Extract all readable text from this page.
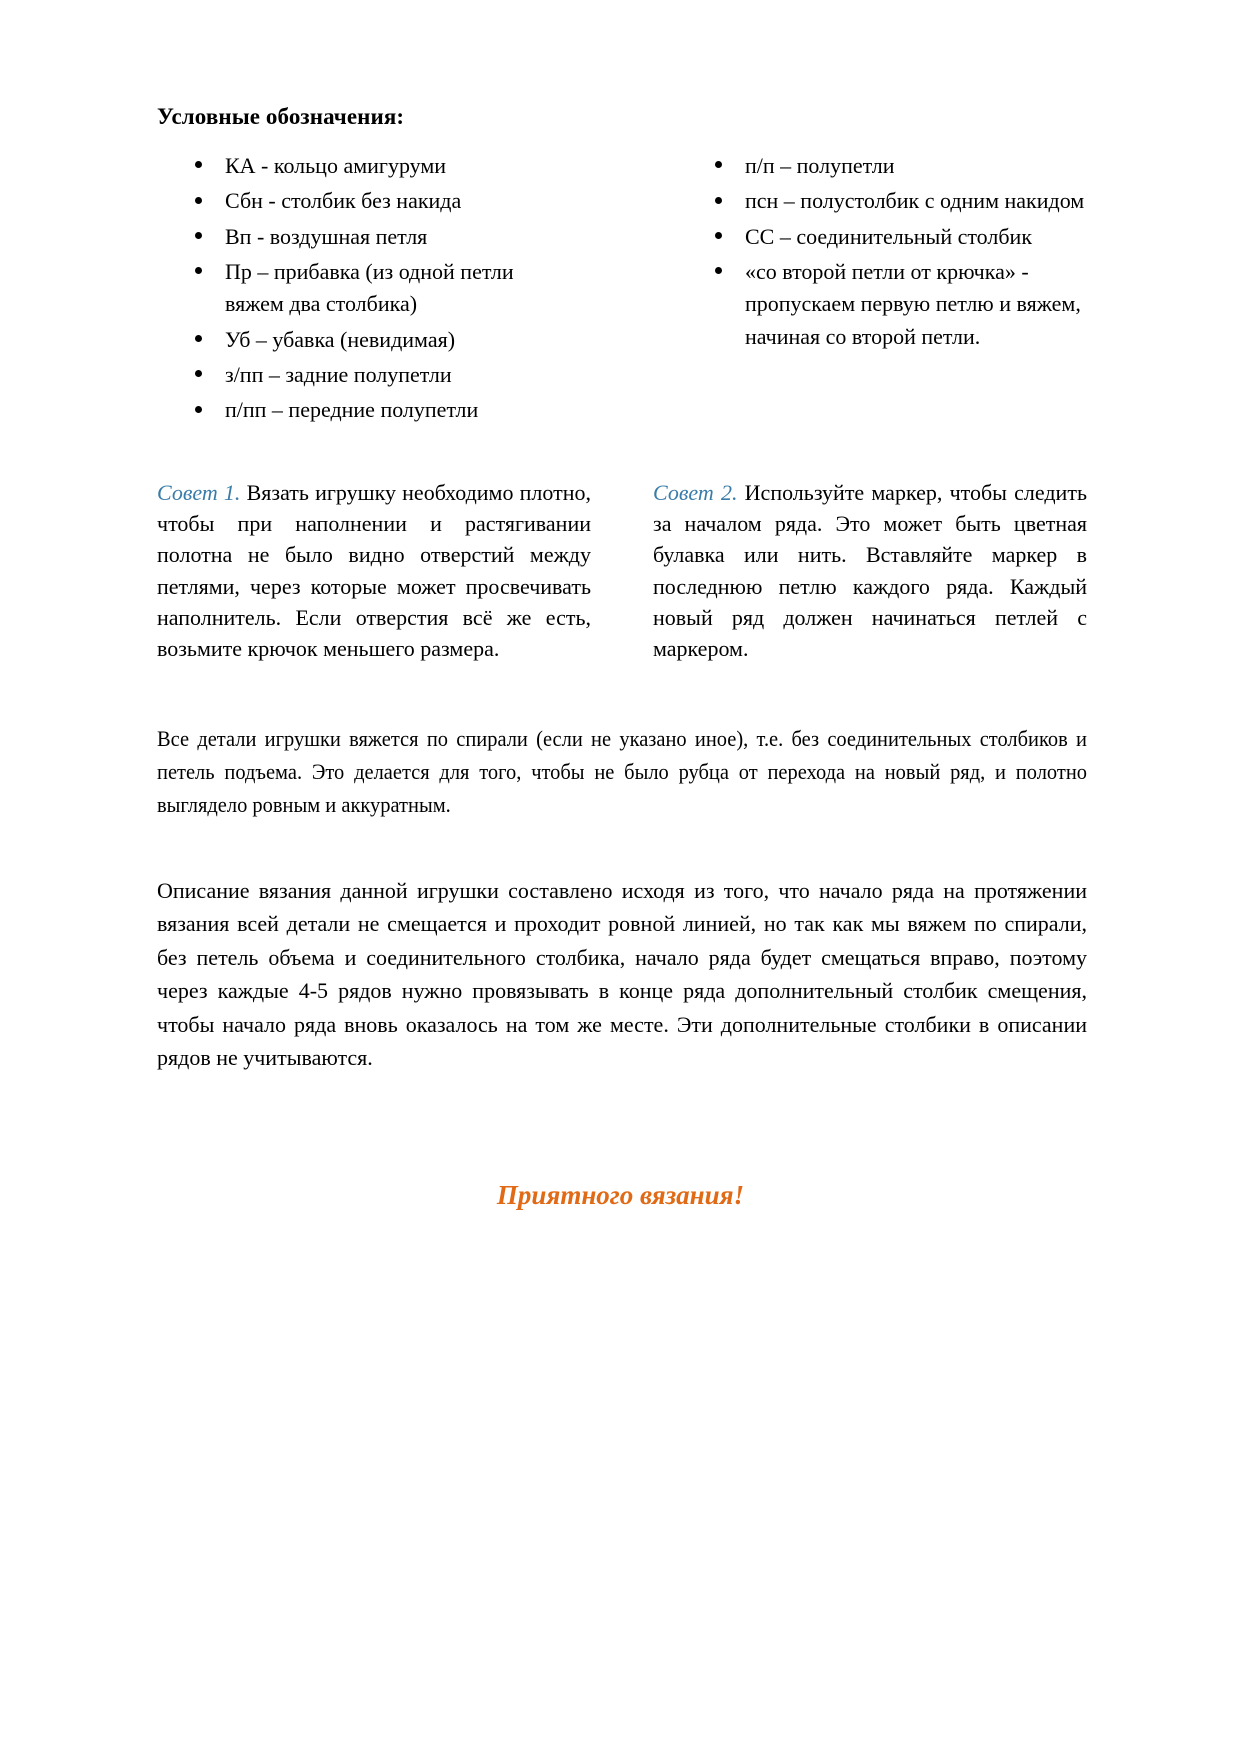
Условные обозначения:
КА - кольцо амигуруми
Сбн - столбик без накида
Вп - воздушная петля
Пр – прибавка (из одной петли вяжем два столбика)
Уб – убавка (невидимая)
з/пп – задние полупетли
п/пп – передние полупетли
п/п – полупетли
псн – полустолбик с одним накидом
СС – соединительный столбик
«со второй петли от крючка» - пропускаем первую петлю и вяжем, начиная со второй петли.
Совет 1. Вязать игрушку необходимо плотно, чтобы при наполнении и растягивании полотна не было видно отверстий между петлями, через которые может просвечивать наполнитель. Если отверстия всё же есть, возьмите крючок меньшего размера.
Совет 2. Используйте маркер, чтобы следить за началом ряда. Это может быть цветная булавка или нить. Вставляйте маркер в последнюю петлю каждого ряда. Каждый новый ряд должен начинаться петлей с маркером.
Все детали игрушки вяжется по спирали (если не указано иное), т.е. без соединительных столбиков и петель подъема. Это делается для того, чтобы не было рубца от перехода на новый ряд, и полотно выглядело ровным и аккуратным.
Описание вязания данной игрушки составлено исходя из того, что начало ряда на протяжении вязания всей детали не смещается и проходит ровной линией, но так как мы вяжем по спирали, без петель объема и соединительного столбика, начало ряда будет смещаться вправо, поэтому через каждые 4-5 рядов нужно провязывать в конце ряда дополнительный столбик смещения, чтобы начало ряда вновь оказалось на том же месте. Эти дополнительные столбики в описании рядов не учитываются.
Приятного вязания!
